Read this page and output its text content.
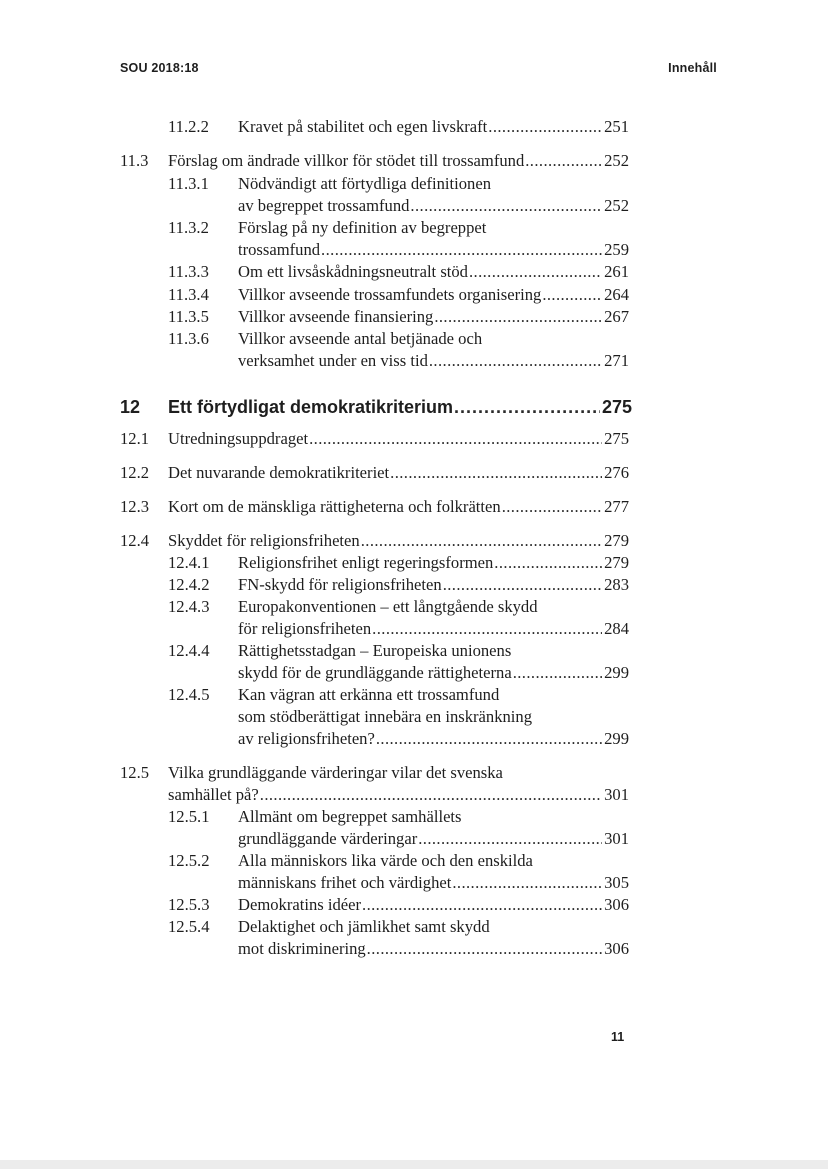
SOU 2018:18	Innehåll
11.2.2 Kravet på stabilitet och egen livskraft .....	251
11.3 Förslag om ändrade villkor för stödet till trossamfund .....	252
11.3.1 Nödvändigt att förtydliga definitionen
av begreppet trossamfund .....	252
11.3.2 Förslag på ny definition av begreppet
trossamfund .....	259
11.3.3 Om ett livsåskådningsneutralt stöd .....	261
11.3.4 Villkor avseende trossamfundets organisering .....	264
11.3.5 Villkor avseende finansiering .....	267
11.3.6 Villkor avseende antal betjänade och
verksamhet under en viss tid .....	271
12 Ett förtydligat demokratikriterium .....	275
12.1 Utredningsuppdraget .....	275
12.2 Det nuvarande demokratikriteriet .....	276
12.3 Kort om de mänskliga rättigheterna och folkrätten .....	277
12.4 Skyddet för religionsfriheten .....	279
12.4.1 Religionsfrihet enligt regeringsformen .....	279
12.4.2 FN-skydd för religionsfriheten .....	283
12.4.3 Europakonventionen – ett långtgående skydd
för religionsfriheten .....	284
12.4.4 Rättighetsstadgan – Europeiska unionens
skydd för de grundläggande rättigheterna .....	299
12.4.5 Kan vägran att erkänna ett trossamfund
som stödberättigat innebära en inskränkning
av religionsfriheten? .....	299
12.5 Vilka grundläggande värderingar vilar det svenska
samhället på? .....	301
12.5.1 Allmänt om begreppet samhällets
grundläggande värderingar .....	301
12.5.2 Alla människors lika värde och den enskilda
människans frihet och värdighet .....	305
12.5.3 Demokratins idéer .....	306
12.5.4 Delaktighet och jämlikhet samt skydd
mot diskriminering .....	306
11
